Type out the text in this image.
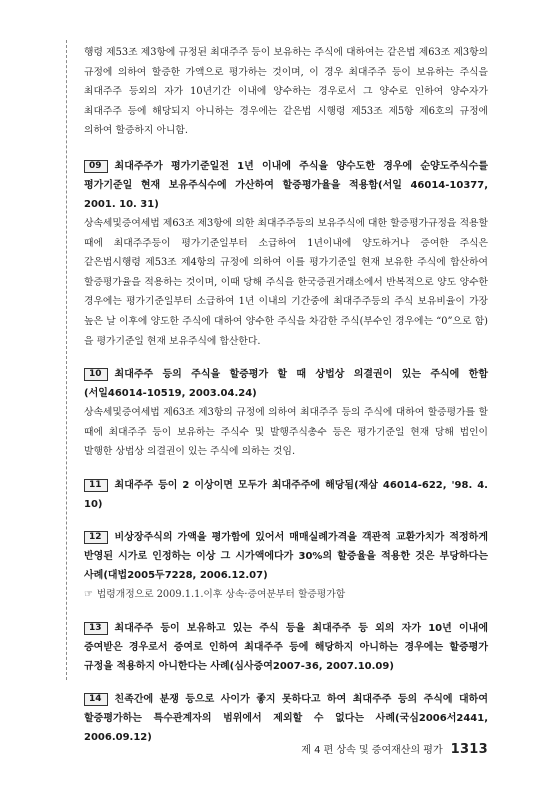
행령 제53조 제3항에 규정된 최대주주 등이 보유하는 주식에 대하여는 같은법 제63조 제3항의 규정에 의하여 할증한 가액으로 평가하는 것이며, 이 경우 최대주주 등이 보유하는 주식을 최대주주 등외의 자가 10년기간 이내에 양수하는 경우로서 그 양수로 인하여 양수자가 최대주주 등에 해당되지 아니하는 경우에는 같은법 시행령 제53조 제5항 제6호의 규정에 의하여 할증하지 아니함.

09 최대주주가 평가기준일전 1년 이내에 주식을 양수도한 경우에 순양도주식수를 평가기준일 현재 보유주식수에 가산하여 할증평가율을 적용함(서일 46014-10377, 2001. 10. 31)

상속세및증여세법 제63조 제3항에 의한 최대주주등의 보유주식에 대한 할증평가규정을 적용할 때에 최대주주등이 평가기준일부터 소급하여 1년이내에 양도하거나 증여한 주식은 같은법시행령 제53조 제4항의 규정에 의하여 이를 평가기준일 현재 보유한 주식에 합산하여 할증평가율을 적용하는 것이며, 이때 당해 주식을 한국증권거래소에서 반복적으로 양도 양수한 경우에는 평가기준일부터 소급하여 1년 이내의 기간중에 최대주주등의 주식 보유비율이 가장 높은 날 이후에 양도한 주식에 대하여 양수한 주식을 차감한 주식(부수인 경우에는 “0”으로 함)을 평가기준일 현재 보유주식에 합산한다.

10 최대주주 등의 주식을 할증평가 할 때 상법상 의결권이 있는 주식에 한함(서일46014-10519, 2003.04.24)

상속세및증여세법 제63조 제3항의 규정에 의하여 최대주주 등의 주식에 대하여 할증평가를 할 때에 최대주주 등이 보유하는 주식수 및 발행주식총수 등은 평가기준일 현재 당해 법인이 발행한 상법상 의결권이 있는 주식에 의하는 것임.

11 최대주주 등이 2 이상이면 모두가 최대주주에 해당됨(재삼 46014-622, '98. 4. 10)

12 비상장주식의 가액을 평가함에 있어서 매매실례가격을 객관적 교환가치가 적정하게 반영된 시가로 인정하는 이상 그 시가액에다가 30%의 할증율을 적용한 것은 부당하다는 사례(대법2005두7228, 2006.12.07)

☞ 법령개정으로 2009.1.1.이후 상속·증여분부터 할증평가함

13 최대주주 등이 보유하고 있는 주식 등을 최대주주 등 외의 자가 10년 이내에 증여받은 경우로서 증여로 인하여 최대주주 등에 해당하지 아니하는 경우에는 할증평가 규정을 적용하지 아니한다는 사례(심사증여2007-36, 2007.10.09)

14 친족간에 분쟁 등으로 사이가 좋지 못하다고 하여 최대주주 등의 주식에 대하여 할증평가하는 특수관계자의 범위에서 제외할 수 없다는 사례(국심2006서2441, 2006.09.12)

제 4 편 상속 및 증여재산의 평가 1313
